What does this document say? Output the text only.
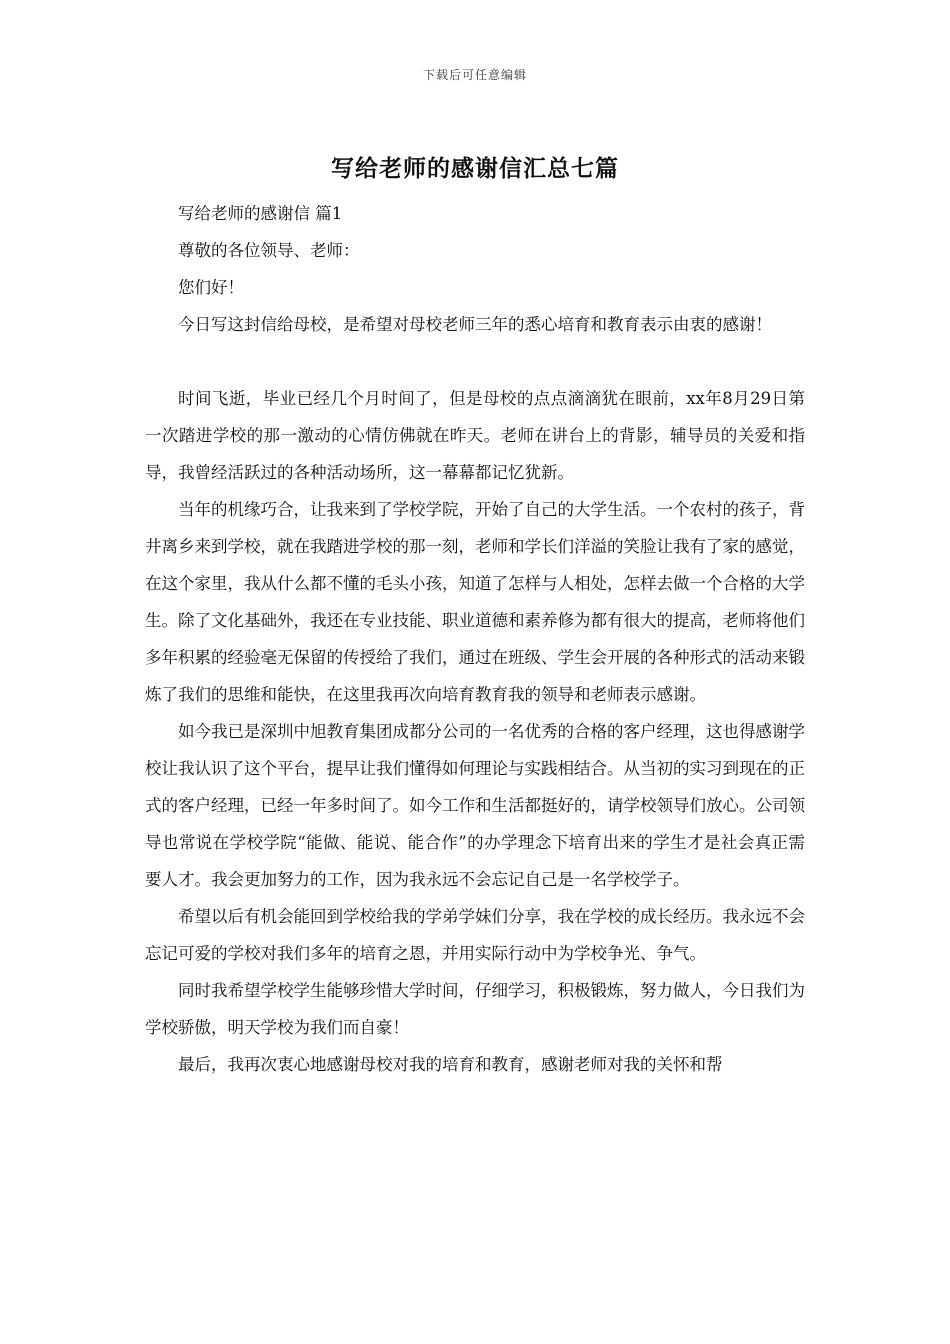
下载后可任意编辑
写给老师的感谢信汇总七篇

写给老师的感谢信 篇1

尊敬的各位领导、老师：

您们好！

今日写这封信给母校，是希望对母校老师三年的悉心培育和教育表示由衷的感谢！

时间飞逝，毕业已经几个月时间了，但是母校的点点滴滴犹在眼前，xx年8月29日第一次踏进学校的那一激动的心情仿佛就在昨天。老师在讲台上的背影，辅导员的关爱和指导，我曾经活跃过的各种活动场所，这一幕幕都记忆犹新。

当年的机缘巧合，让我来到了学校学院，开始了自己的大学生活。一个农村的孩子，背井离乡来到学校，就在我踏进学校的那一刻，老师和学长们洋溢的笑脸让我有了家的感觉，在这个家里，我从什么都不懂的毛头小孩，知道了怎样与人相处，怎样去做一个合格的大学生。除了文化基础外，我还在专业技能、职业道德和素养修为都有很大的提高，老师将他们多年积累的经验毫无保留的传授给了我们，通过在班级、学生会开展的各种形式的活动来锻炼了我们的思维和能快，在这里我再次向培育教育我的领导和老师表示感谢。

如今我已是深圳中旭教育集团成都分公司的一名优秀的合格的客户经理，这也得感谢学校让我认识了这个平台，提早让我们懂得如何理论与实践相结合。从当初的实习到现在的正式的客户经理，已经一年多时间了。如今工作和生活都挺好的，请学校领导们放心。公司领导也常说在学校学院“能做、能说、能合作”的办学理念下培育出来的学生才是社会真正需要人才。我会更加努力的工作，因为我永远不会忘记自己是一名学校学子。

希望以后有机会能回到学校给我的学弟学妹们分享，我在学校的成长经历。我永远不会忘记可爱的学校对我们多年的培育之恩，并用实际行动中为学校争光、争气。

同时我希望学校学生能够珍惜大学时间，仔细学习，积极锻炼，努力做人，今日我们为学校骄傲，明天学校为我们而自豪！

最后，我再次衷心地感谢母校对我的培育和教育，感谢老师对我的关怀和帮
